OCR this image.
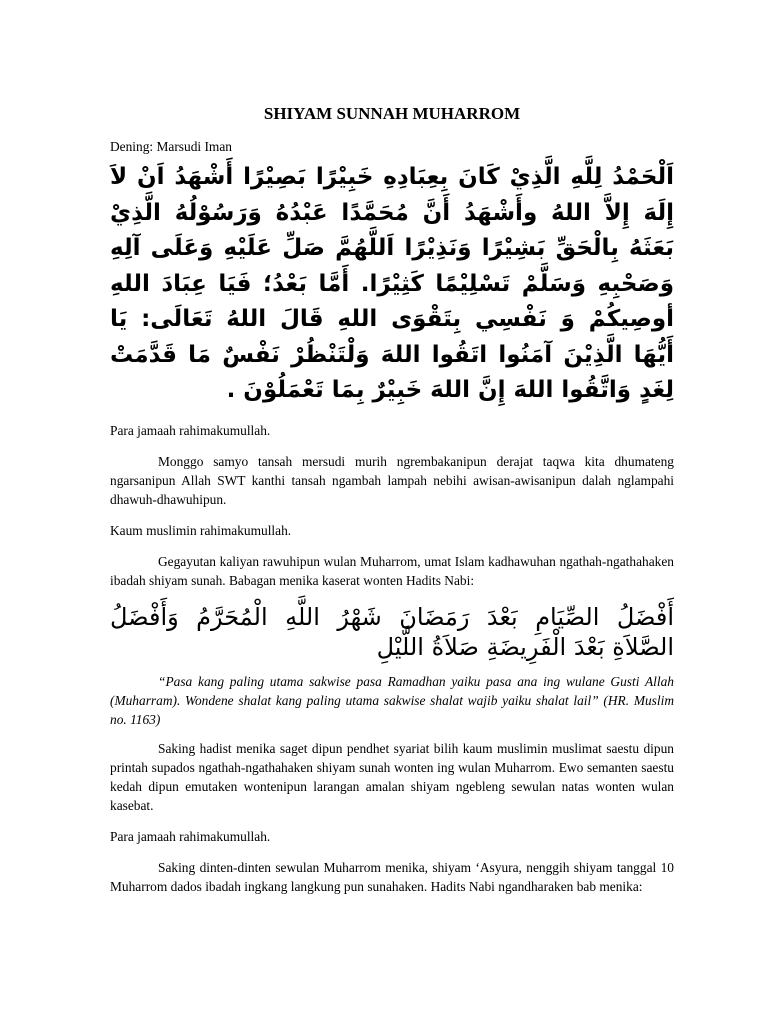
SHIYAM SUNNAH MUHARROM

Dening: Marsudi Iman

اَلْحَمْدُ لِلَّهِ الَّذِيْ كَانَ بِعِبَادِهِ خَبِيْرًا بَصِيْرًا أَشْهَدُ اَنْ لاَ إِلَهَ إِلاَّ اللهُ وأَشْهَدُ أَنَّ مُحَمَّدًا عَبْدُهُ وَرَسُوْلُهُ الَّذِيْ بَعَثَهُ بِالْحَقِّ بَشِيْرًا وَنَذِيْرًا اَللَّهُمَّ صَلِّ عَلَيْهِ وَعَلَى آلِهِ وَصَحْبِهِ وَسَلَّمْ تَسْلِيْمًا كَثِيْرًا. أَمَّا بَعْدُ؛ فَيَا عِبَادَ اللهِ أوصِيكُمْ وَ نَفْسِي بِتَقْوَى اللهِ قَالَ اللهُ تَعَالَى: يَا أَيُّهَا الَّذِيْنَ آمَنُوا اتَقُوا اللهَ وَلْتَنْظُرْ نَفْسٌ مَا قَدَّمَتْ لِغَدٍ وَاتَّقُوا اللهَ إِنَّ اللهَ خَبِيْرٌ بِمَا تَعْمَلُوْنَ .

Para jamaah rahimakumullah.

Monggo samyo tansah mersudi murih ngrembakanipun derajat taqwa kita dhumateng ngarsanipun Allah SWT kanthi tansah ngambah lampah nebihi awisan-awisanipun dalah nglampahi dhawuh-dhawuhipun.

Kaum muslimin rahimakumullah.

Gegayutan kaliyan rawuhipun wulan Muharrom, umat Islam kadhawuhan ngathah-ngathahaken ibadah shiyam sunah. Babagan menika kaserat wonten Hadits Nabi:

أَفْضَلُ الصِّيَامِ بَعْدَ رَمَضَانَ شَهْرُ اللَّهِ الْمُحَرَّمُ وَأَفْضَلُ الصَّلاَةِ بَعْدَ الْفَرِيضَةِ صَلاَةُ اللَّيْلِ

“Pasa kang paling utama sakwise pasa Ramadhan yaiku pasa ana ing wulane Gusti Allah (Muharram). Wondene shalat kang paling utama sakwise shalat wajib yaiku shalat lail” (HR. Muslim no. 1163)

Saking hadist menika saget dipun pendhet syariat bilih kaum muslimin muslimat saestu dipun printah supados ngathah-ngathahaken shiyam sunah wonten ing wulan Muharrom. Ewo semanten saestu kedah dipun emutaken wontenipun larangan amalan shiyam ngebleng sewulan natas wonten wulan kasebat.

Para jamaah rahimakumullah.

Saking dinten-dinten sewulan Muharrom menika, shiyam ‘Asyura, nenggih shiyam tanggal 10 Muharrom dados ibadah ingkang langkung pun sunahaken. Hadits Nabi ngandharaken bab menika:
